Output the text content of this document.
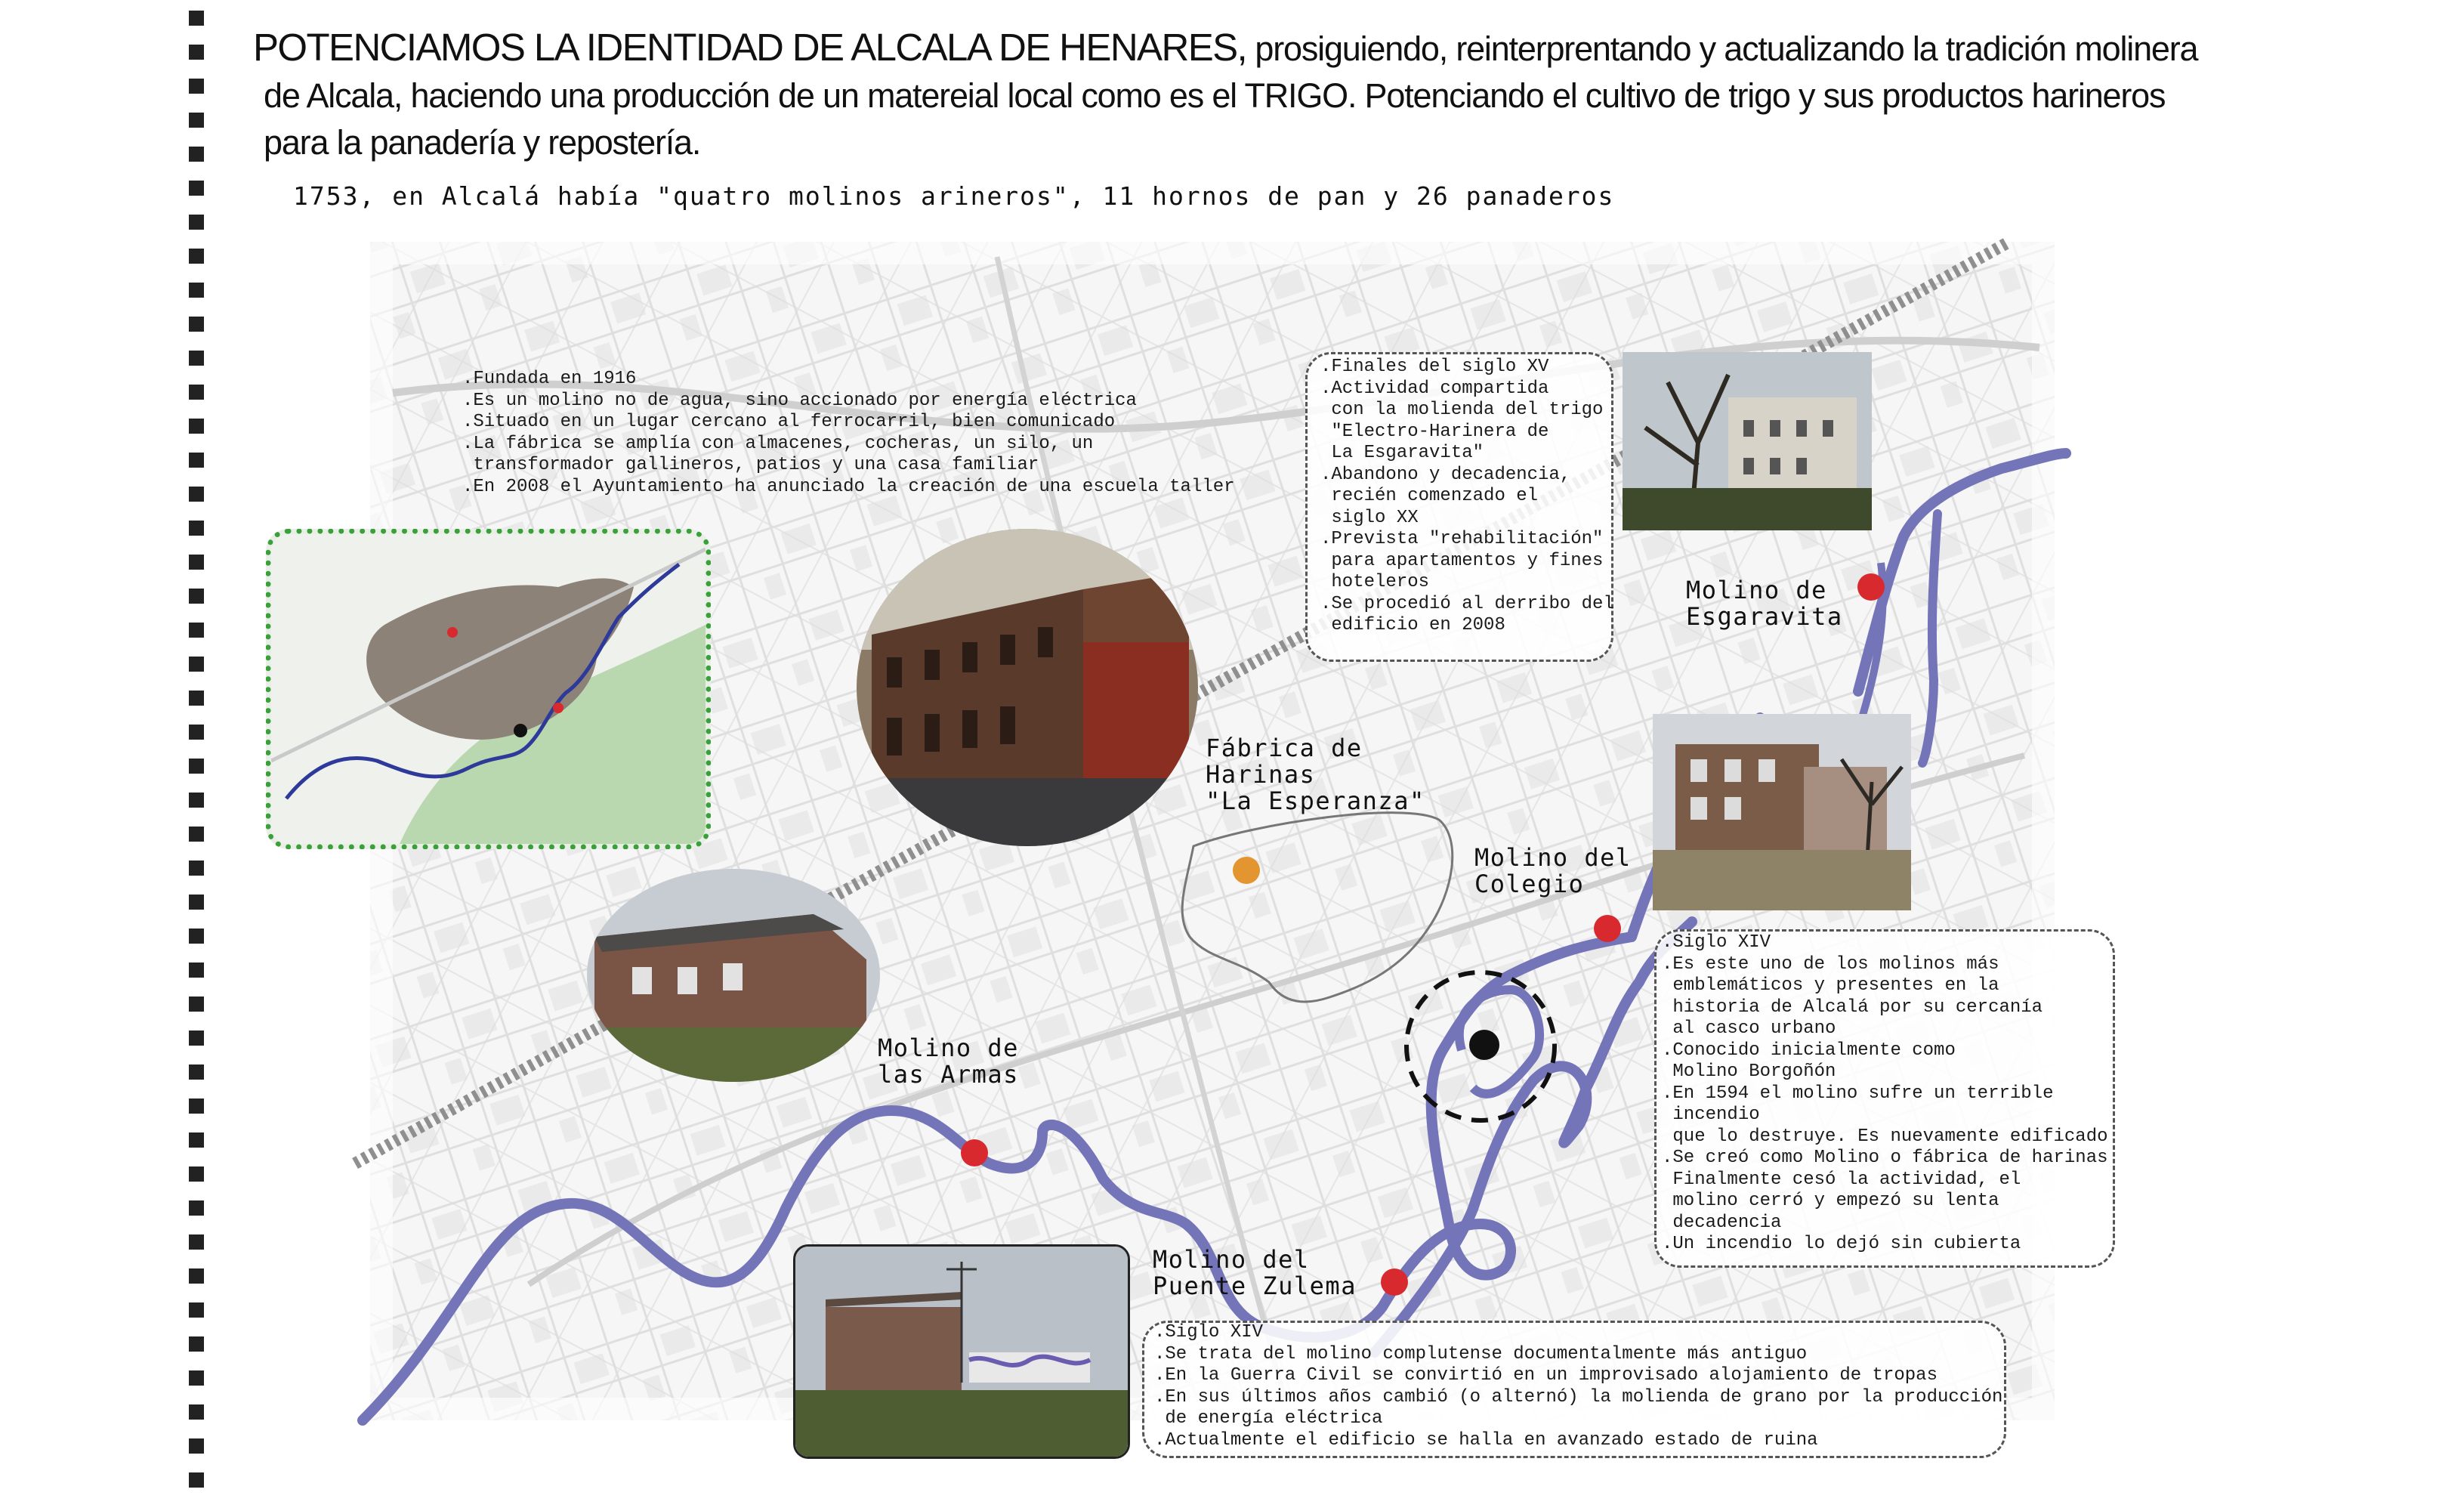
POTENCIAMOS LA IDENTIDAD DE ALCALA DE HENARES, prosiguiendo, reinterprentando y actualizando la tradición molinera
de Alcala, haciendo una producción de un matereial local como es el TRIGO. Potenciando el cultivo de trigo y sus productos harineros
para la panadería y repostería.
1753, en Alcalá había "quatro molinos arineros", 11 hornos de pan y 26 panaderos
.Fundada en 1916
.Es un molino no de agua, sino accionado por energía eléctrica
.Situado en un lugar cercano al ferrocarril, bien comunicado
.La fábrica se amplía con almacenes, cocheras, un silo, un
transformador gallineros, patios y una casa familiar
.En 2008 el Ayuntamiento ha anunciado la creación de una escuela taller
.Finales del siglo XV
.Actividad compartida
con la molienda del trigo
"Electro-Harinera de
La Esgaravita"
.Abandono y decadencia,
recién comenzado el
siglo XX
.Prevista "rehabilitación"
para apartamentos y fines
hoteleros
.Se procedió al derribo del
edificio en 2008
.Siglo XIV
.Es este uno de los molinos más
emblemáticos y presentes en la
historia de Alcalá por su cercanía
al casco urbano
.Conocido inicialmente como
Molino Borgoñón
.En 1594 el molino sufre un terrible
incendio
que lo destruye. Es nuevamente edificado
.Se creó como Molino o fábrica de harinas
Finalmente cesó la actividad, el
molino cerró y empezó su lenta
decadencia
.Un incendio lo dejó sin cubierta
.Siglo XIV
.Se trata del molino complutense documentalmente más antiguo
.En la Guerra Civil se convirtió en un improvisado alojamiento de tropas
.En sus últimos años cambió (o alternó) la molienda de grano por la producción
de energía eléctrica
.Actualmente el edificio se halla en avanzado estado de ruina
Fábrica de
Harinas
"La Esperanza"
Molino de
Esgaravita
Molino del
Colegio
Molino de
las Armas
Molino del
Puente Zulema
